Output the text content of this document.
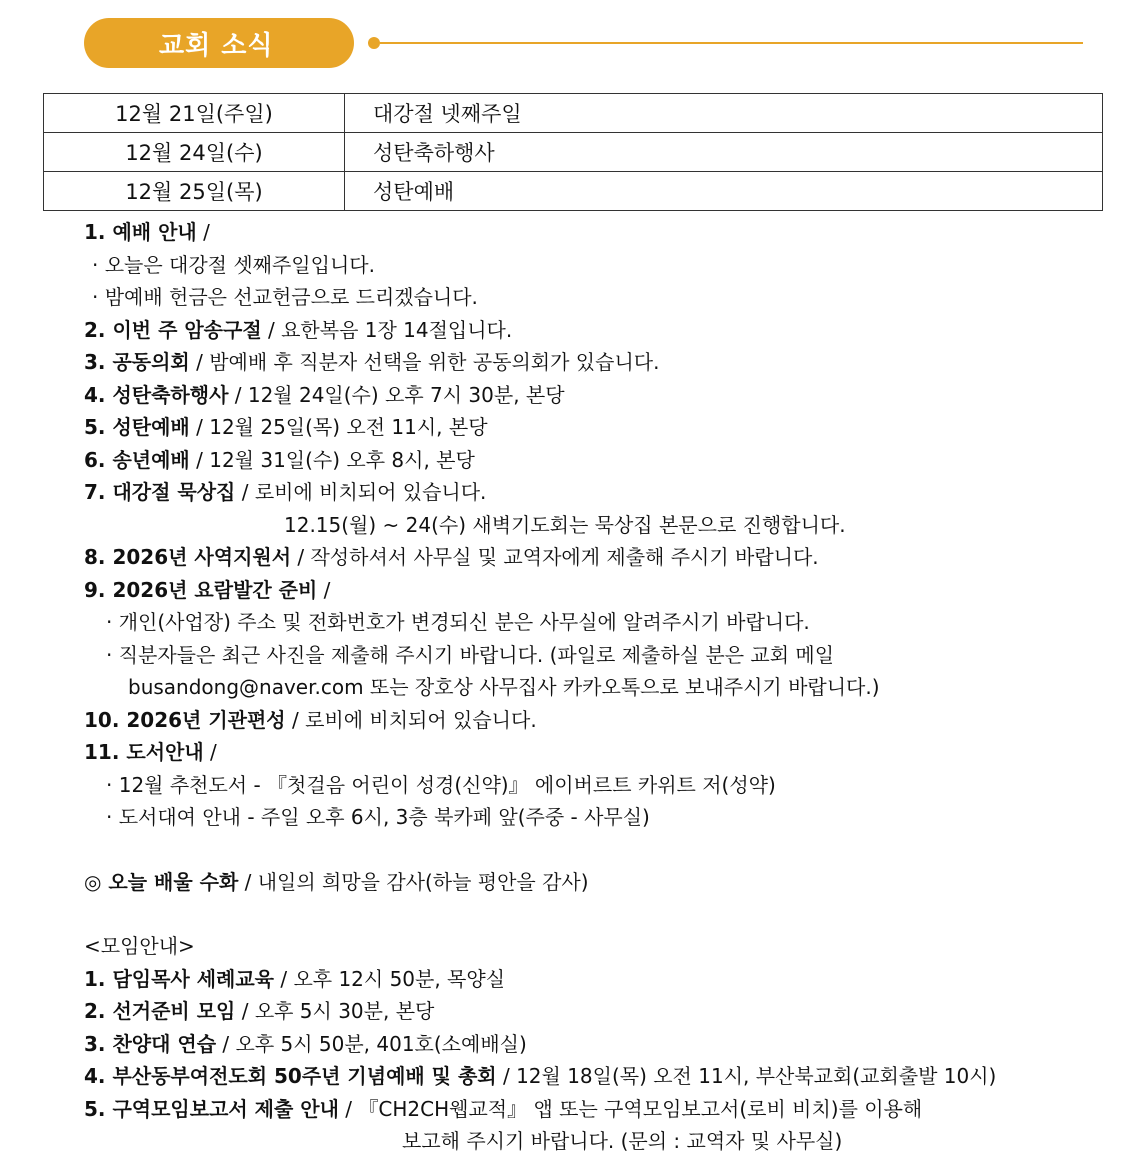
교회 소식
12월 21일(주일)	대강절 넷째주일
12월 24일(수)	성탄축하행사
12월 25일(목)	성탄예배
1. 예배 안내 /
· 오늘은 대강절 셋째주일입니다.
· 밤예배 헌금은 선교헌금으로 드리겠습니다.
2. 이번 주 암송구절 / 요한복음 1장 14절입니다.
3. 공동의회 / 밤예배 후 직분자 선택을 위한 공동의회가 있습니다.
4. 성탄축하행사 / 12월 24일(수) 오후 7시 30분, 본당
5. 성탄예배 / 12월 25일(목) 오전 11시, 본당
6. 송년예배 / 12월 31일(수) 오후 8시, 본당
7. 대강절 묵상집 / 로비에 비치되어 있습니다.
12.15(월) ~ 24(수) 새벽기도회는 묵상집 본문으로 진행합니다.
8. 2026년 사역지원서 / 작성하셔서 사무실 및 교역자에게 제출해 주시기 바랍니다.
9. 2026년 요람발간 준비 /
· 개인(사업장) 주소 및 전화번호가 변경되신 분은 사무실에 알려주시기 바랍니다.
· 직분자들은 최근 사진을 제출해 주시기 바랍니다. (파일로 제출하실 분은 교회 메일
busandong@naver.com 또는 장호상 사무집사 카카오톡으로 보내주시기 바랍니다.)
10. 2026년 기관편성 / 로비에 비치되어 있습니다.
11. 도서안내 /
· 12월 추천도서 - 『첫걸음 어린이 성경(신약)』 에이버르트 카위트 저(성약)
· 도서대여 안내 - 주일 오후 6시, 3층 북카페 앞(주중 - 사무실)
◎ 오늘 배울 수화 / 내일의 희망을 감사(하늘 평안을 감사)
<모임안내>
1. 담임목사 세례교육 / 오후 12시 50분, 목양실
2. 선거준비 모임 / 오후 5시 30분, 본당
3. 찬양대 연습 / 오후 5시 50분, 401호(소예배실)
4. 부산동부여전도회 50주년 기념예배 및 총회 / 12월 18일(목) 오전 11시, 부산북교회(교회출발 10시)
5. 구역모임보고서 제출 안내 / 『CH2CH웹교적』 앱 또는 구역모임보고서(로비 비치)를 이용해
보고해 주시기 바랍니다. (문의 : 교역자 및 사무실)
